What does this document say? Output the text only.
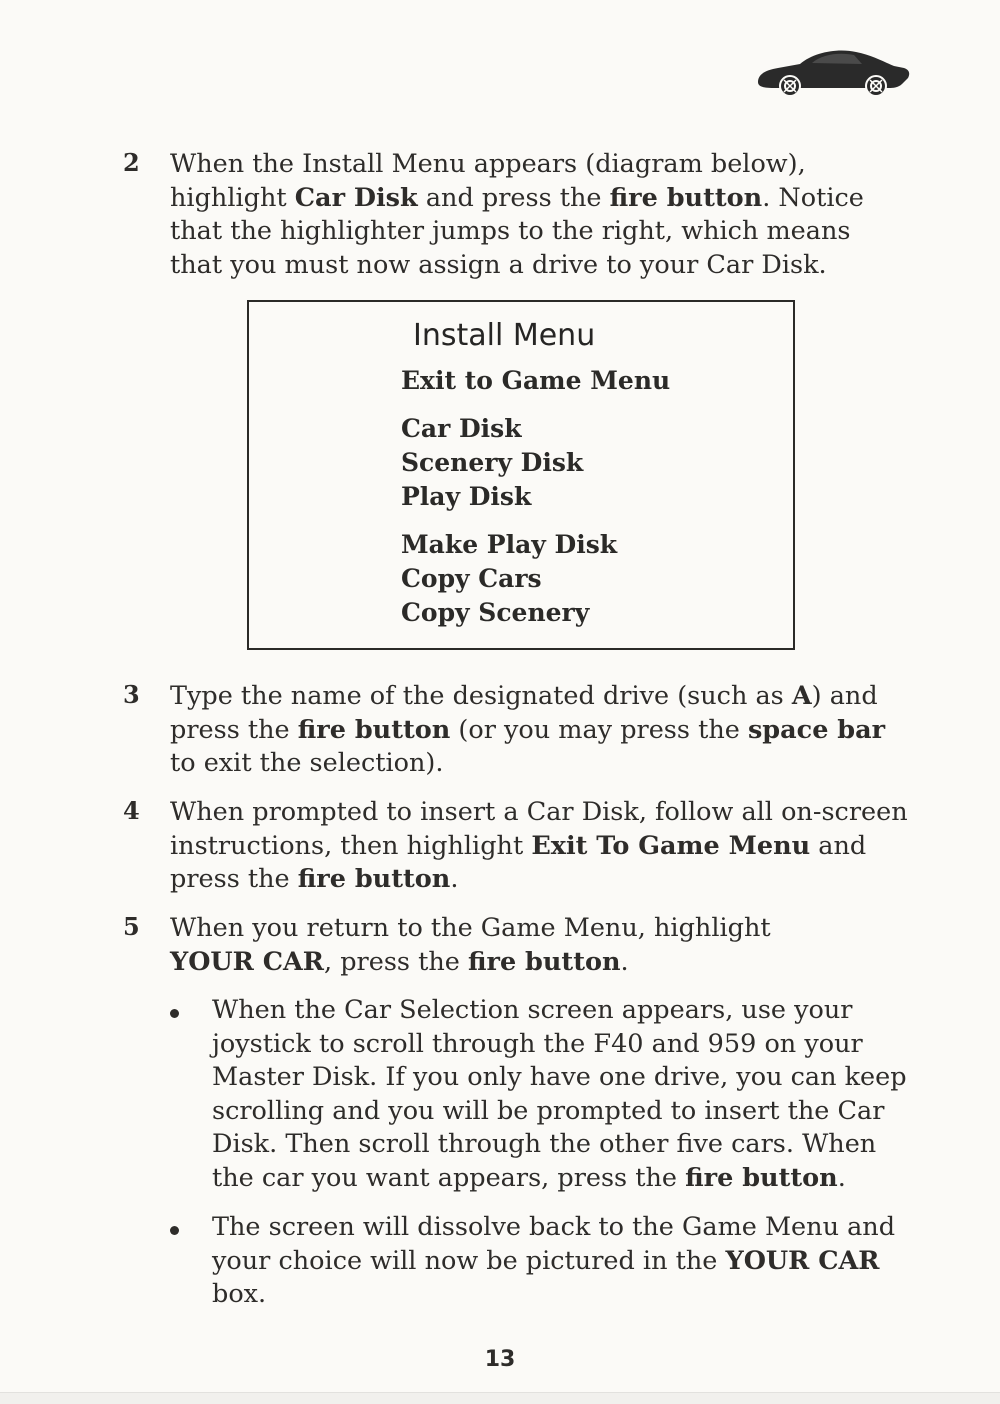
2 When the Install Menu appears (diagram below), highlight Car Disk and press the fire button. Notice that the highlighter jumps to the right, which means that you must now assign a drive to your Car Disk.
Install Menu
Exit to Game Menu
Car Disk
Scenery Disk
Play Disk
Make Play Disk
Copy Cars
Copy Scenery
3 Type the name of the designated drive (such as A) and press the fire button (or you may press the space bar to exit the selection).
4 When prompted to insert a Car Disk, follow all on-screen instructions, then highlight Exit To Game Menu and press the fire button.
5 When you return to the Game Menu, highlight YOUR CAR, press the fire button.
When the Car Selection screen appears, use your joystick to scroll through the F40 and 959 on your Master Disk. If you only have one drive, you can keep scrolling and you will be prompted to insert the Car Disk. Then scroll through the other five cars. When the car you want appears, press the fire button.
The screen will dissolve back to the Game Menu and your choice will now be pictured in the YOUR CAR box.
13
